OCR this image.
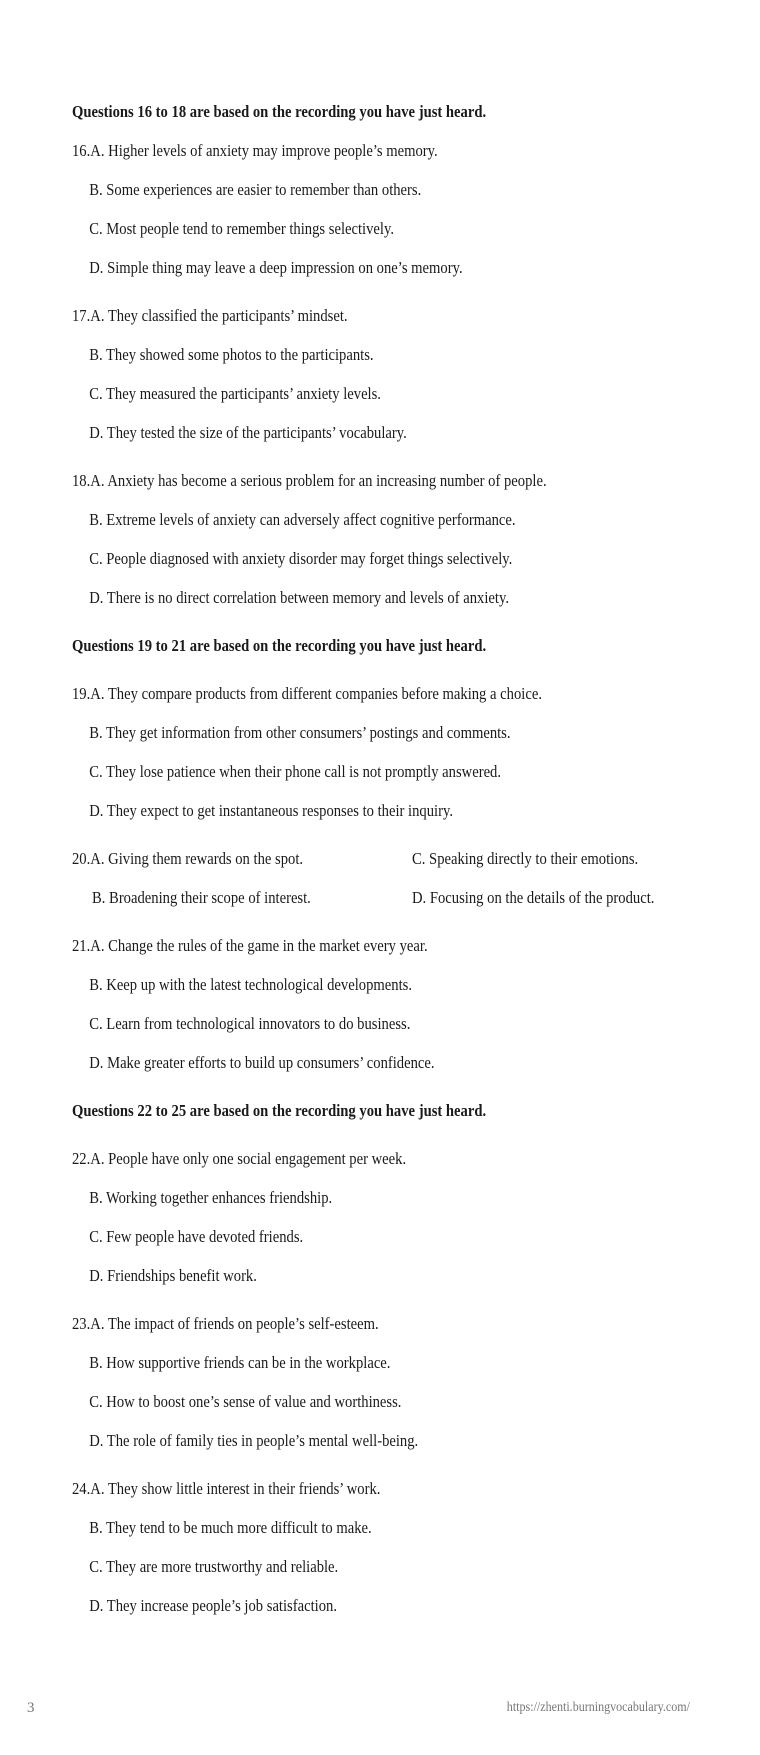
Questions 16 to 18 are based on the recording you have just heard.
16.A. Higher levels of anxiety may improve people’s memory.
B. Some experiences are easier to remember than others.
C. Most people tend to remember things selectively.
D. Simple thing may leave a deep impression on one’s memory.
17.A. They classified the participants’ mindset.
B. They showed some photos to the participants.
C. They measured the participants’ anxiety levels.
D. They tested the size of the participants’ vocabulary.
18.A. Anxiety has become a serious problem for an increasing number of people.
B. Extreme levels of anxiety can adversely affect cognitive performance.
C. People diagnosed with anxiety disorder may forget things selectively.
D. There is no direct correlation between memory and levels of anxiety.
Questions 19 to 21 are based on the recording you have just heard.
19.A. They compare products from different companies before making a choice.
B. They get information from other consumers’ postings and comments.
C. They lose patience when their phone call is not promptly answered.
D. They expect to get instantaneous responses to their inquiry.
20.A. Giving them rewards on the spot.	C. Speaking directly to their emotions.
B. Broadening their scope of interest.	D. Focusing on the details of the product.
21.A. Change the rules of the game in the market every year.
B. Keep up with the latest technological developments.
C. Learn from technological innovators to do business.
D. Make greater efforts to build up consumers’ confidence.
Questions 22 to 25 are based on the recording you have just heard.
22.A. People have only one social engagement per week.
B. Working together enhances friendship.
C. Few people have devoted friends.
D. Friendships benefit work.
23.A. The impact of friends on people’s self-esteem.
B. How supportive friends can be in the workplace.
C. How to boost one’s sense of value and worthiness.
D. The role of family ties in people’s mental well-being.
24.A. They show little interest in their friends’ work.
B. They tend to be much more difficult to make.
C. They are more trustworthy and reliable.
D. They increase people’s job satisfaction.
3	https://zhenti.burningvocabulary.com/
